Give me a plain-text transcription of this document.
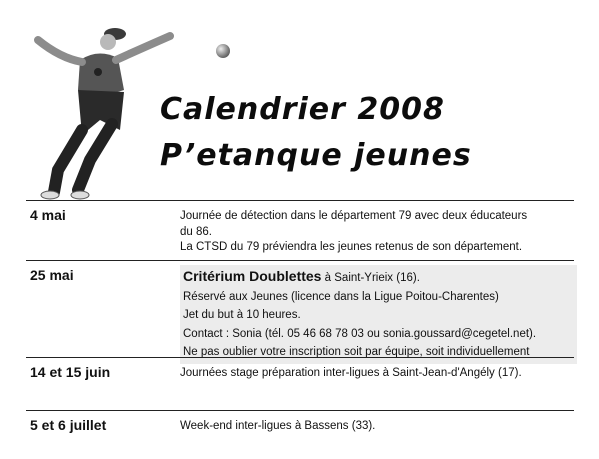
Calendrier 2008
P’etanque jeunes
4 mai	Journée de détection dans le département 79 avec deux éducateurs
du 86.
La CTSD du 79 préviendra les jeunes retenus de son département.
25 mai	Critérium Doublettes à Saint-Yrieix (16).
Réservé aux Jeunes (licence dans la Ligue Poitou-Charentes)
Jet du but à 10 heures.
Contact : Sonia (tél. 05 46 68 78 03 ou sonia.goussard@cegetel.net).
Ne pas oublier votre inscription soit par équipe, soit individuellement
14 et 15 juin	Journées stage préparation inter-ligues à Saint-Jean-d'Angély (17).
5 et 6 juillet	Week-end inter-ligues à Bassens (33).
